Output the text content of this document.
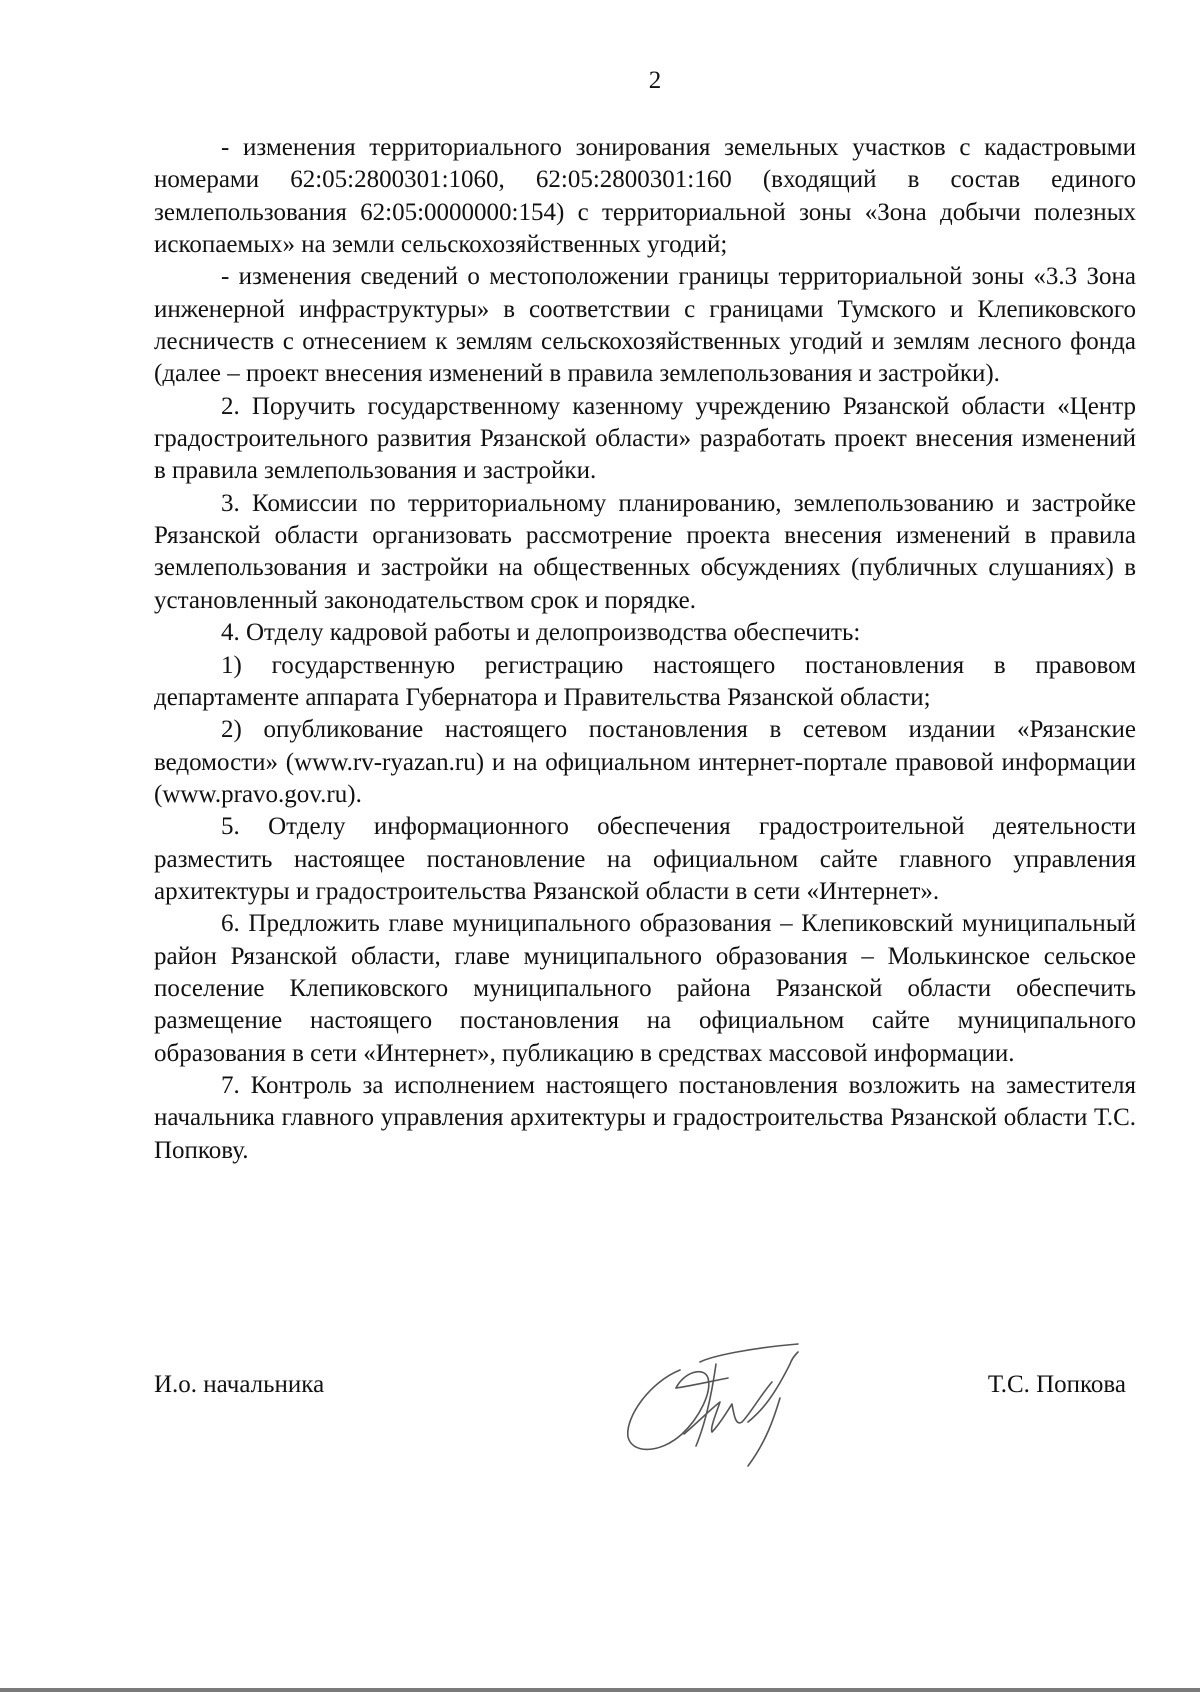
2

- изменения территориального зонирования земельных участков с кадастровыми номерами 62:05:2800301:1060, 62:05:2800301:160 (входящий в состав единого землепользования 62:05:0000000:154) с территориальной зоны «Зона добычи полезных ископаемых» на земли сельскохозяйственных угодий;

- изменения сведений о местоположении границы территориальной зоны «3.3 Зона инженерной инфраструктуры» в соответствии с границами Тумского и Клепиковского лесничеств с отнесением к землям сельскохозяйственных угодий и землям лесного фонда (далее – проект внесения изменений в правила землепользования и застройки).

2. Поручить государственному казенному учреждению Рязанской области «Центр градостроительного развития Рязанской области» разработать проект внесения изменений в правила землепользования и застройки.

3. Комиссии по территориальному планированию, землепользованию и застройке Рязанской области организовать рассмотрение проекта внесения изменений в правила землепользования и застройки на общественных обсуждениях (публичных слушаниях) в установленный законодательством срок и порядке.

4. Отделу кадровой работы и делопроизводства обеспечить:

1) государственную регистрацию настоящего постановления в правовом департаменте аппарата Губернатора и Правительства Рязанской области;

2) опубликование настоящего постановления в сетевом издании «Рязанские ведомости» (www.rv-ryazan.ru) и на официальном интернет-портале правовой информации (www.pravo.gov.ru).

5. Отделу информационного обеспечения градостроительной деятельности разместить настоящее постановление на официальном сайте главного управления архитектуры и градостроительства Рязанской области в сети «Интернет».

6. Предложить главе муниципального образования – Клепиковский муниципальный район Рязанской области, главе муниципального образования – Молькинское сельское поселение Клепиковского муниципального района Рязанской области обеспечить размещение настоящего постановления на официальном сайте муниципального образования в сети «Интернет», публикацию в средствах массовой информации.

7. Контроль за исполнением настоящего постановления возложить на заместителя начальника главного управления архитектуры и градостроительства Рязанской области Т.С. Попкову.

И.о. начальника	Т.С. Попкова
